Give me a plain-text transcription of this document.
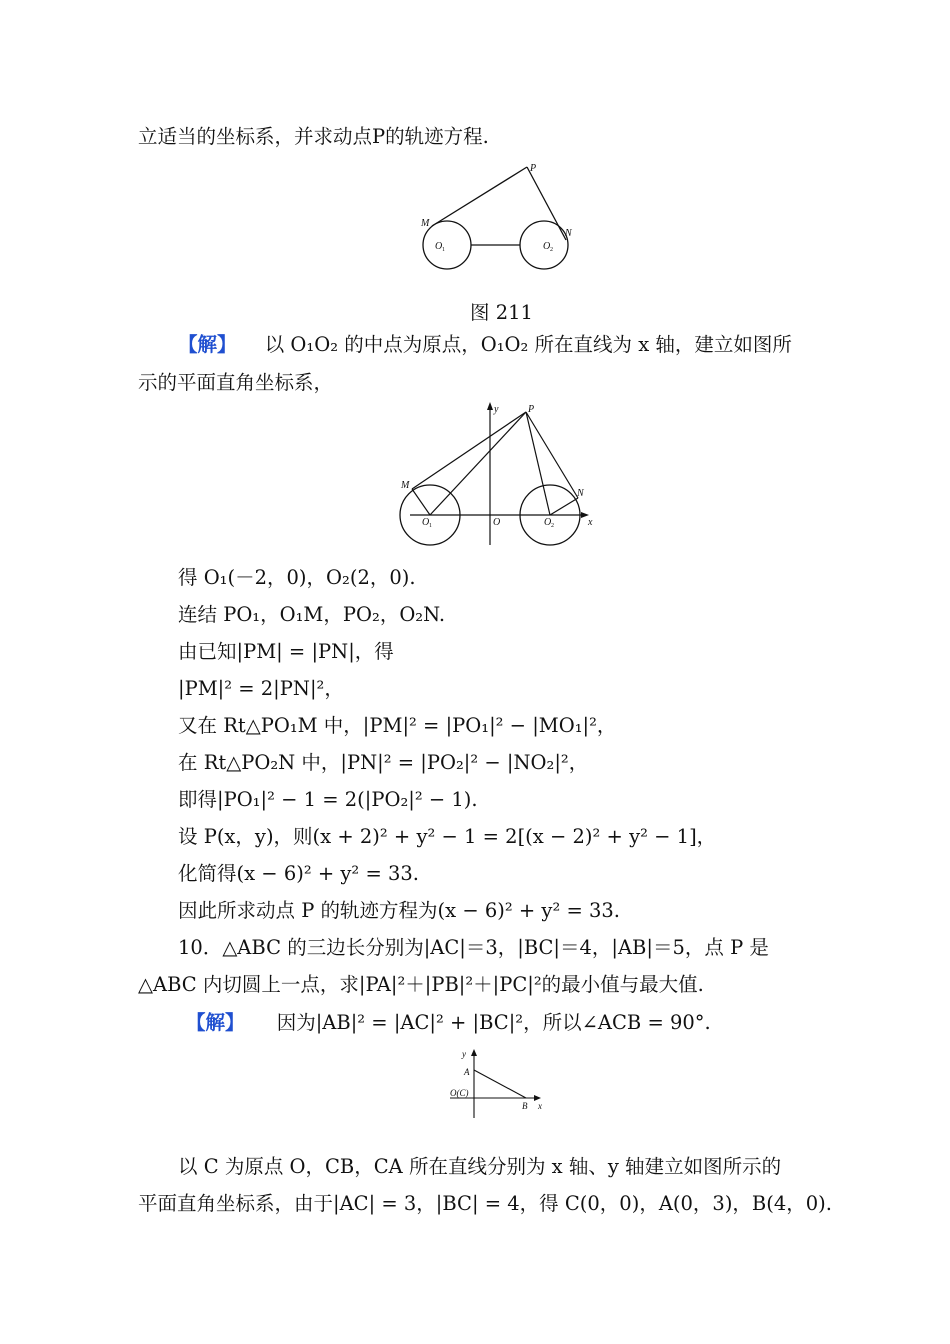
立适当的坐标系，并求动点P的轨迹方程.
P
M
N
O 1	O 2
图 211
【解】 以 O₁O₂ 的中点为原点，O₁O₂ 所在直线为 x 轴，建立如图所
示的平面直角坐标系，
y	P
M
N
O 1	O	O 2	x
得 O₁(－2，0)，O₂(2，0).
连结 PO₁，O₁M，PO₂，O₂N.
由已知|PM| = |PN|，得
|PM|² = 2|PN|²，
又在 Rt△PO₁M 中，|PM|² = |PO₁|² − |MO₁|²，
在 Rt△PO₂N 中，|PN|² = |PO₂|² − |NO₂|²，
即得|PO₁|² − 1 = 2(|PO₂|² − 1).
设 P(x，y)，则(x + 2)² + y² − 1 = 2[(x − 2)² + y² − 1]，
化简得(x − 6)² + y² = 33.
因此所求动点 P 的轨迹方程为(x − 6)² + y² = 33.
10．△ABC 的三边长分别为|AC|＝3，|BC|＝4，|AB|＝5，点 P 是
△ABC 内切圆上一点，求|PA|²＋|PB|²＋|PC|²的最小值与最大值.
【解】 因为|AB|² = |AC|² + |BC|²，所以∠ACB = 90°.
y
A
O(C)
B x
以 C 为原点 O，CB，CA 所在直线分别为 x 轴、y 轴建立如图所示的
平面直角坐标系，由于|AC| = 3，|BC| = 4，得 C(0，0)，A(0，3)，B(4，0).
